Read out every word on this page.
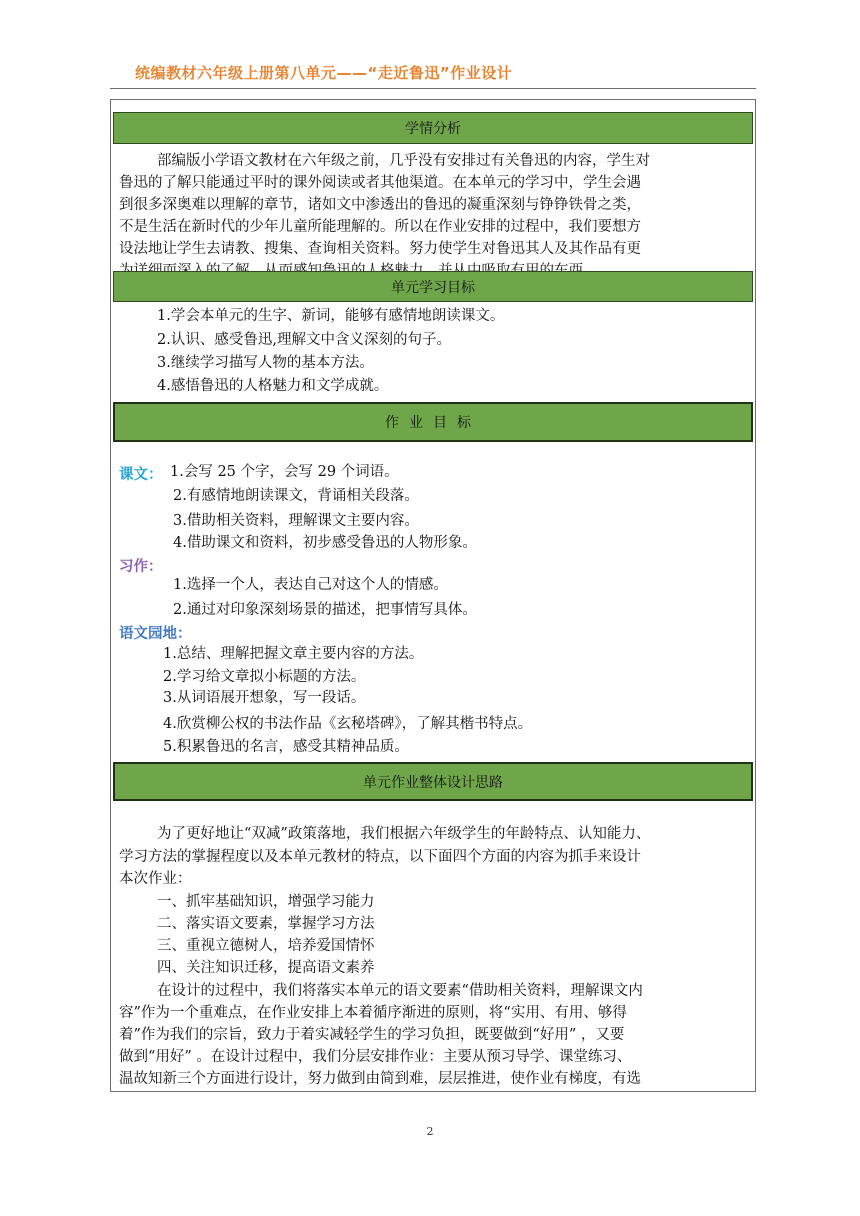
统编教材六年级上册第八单元——“走近鲁迅”作业设计
学情分析
部编版小学语文教材在六年级之前，几乎没有安排过有关鲁迅的内容，学生对
鲁迅的了解只能通过平时的课外阅读或者其他渠道。在本单元的学习中，学生会遇
到很多深奥难以理解的章节，诸如文中渗透出的鲁迅的凝重深刻与铮铮铁骨之类，
不是生活在新时代的少年儿童所能理解的。所以在作业安排的过程中，我们要想方
设法地让学生去请教、搜集、查询相关资料。努力使学生对鲁迅其人及其作品有更
单元学习目标
1.学会本单元的生字、新词，能够有感情地朗读课文。
2.认识、感受鲁迅,理解文中含义深刻的句子。
3.继续学习描写人物的基本方法。
4.感悟鲁迅的人格魅力和文学成就。
作业目标
课文： 1.会写 25 个字，会写 29 个词语。
2.有感情地朗读课文，背诵相关段落。
3.借助相关资料，理解课文主要内容。
4.借助课文和资料，初步感受鲁迅的人物形象。
习作：
1.选择一个人，表达自己对这个人的情感。
2.通过对印象深刻场景的描述，把事情写具体。
语文园地：
1.总结、理解把握文章主要内容的方法。
2.学习给文章拟小标题的方法。
3.从词语展开想象，写一段话。
4.欣赏柳公权的书法作品《玄秘塔碑》，了解其楷书特点。
5.积累鲁迅的名言，感受其精神品质。
单元作业整体设计思路
为了更好地让“双减”政策落地，我们根据六年级学生的年龄特点、认知能力、
学习方法的掌握程度以及本单元教材的特点，以下面四个方面的内容为抓手来设计
本次作业：
一、抓牢基础知识，增强学习能力
二、落实语文要素，掌握学习方法
三、重视立德树人，培养爱国情怀
四、关注知识迁移，提高语文素养
在设计的过程中，我们将落实本单元的语文要素“借助相关资料，理解课文内
容”作为一个重难点，在作业安排上本着循序渐进的原则，将“实用、有用、够得
着”作为我们的宗旨，致力于着实减轻学生的学习负担，既要做到“好用” ，又要
做到“用好” 。在设计过程中，我们分层安排作业：主要从预习导学、课堂练习、
温故知新三个方面进行设计，努力做到由简到难，层层推进，使作业有梯度，有选
2
